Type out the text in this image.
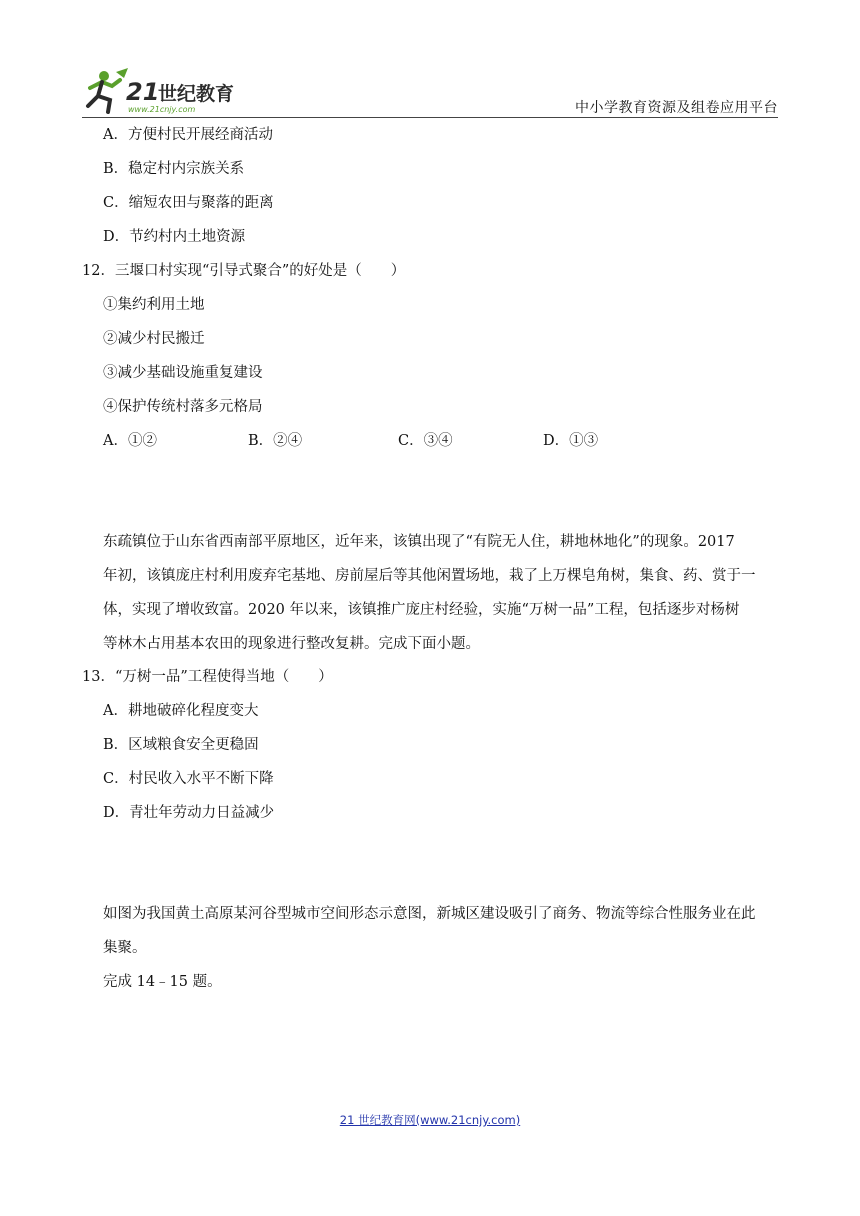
21
世纪教育
www.21cnjy.com	中小学教育资源及组卷应用平台
A．方便村民开展经商活动
B．稳定村内宗族关系
C．缩短农田与聚落的距离
D．节约村内土地资源
12．三堰口村实现“引导式聚合”的好处是（　　）
①集约利用土地
②减少村民搬迁
③减少基础设施重复建设
④保护传统村落多元格局
A．①②	B．②④	C．③④	D．①③
东疏镇位于山东省西南部平原地区，近年来，该镇出现了“有院无人住，耕地林地化”的现象。2017
年初，该镇庞庄村利用废弃宅基地、房前屋后等其他闲置场地，栽了上万棵皂角树，集食、药、赏于一
体，实现了增收致富。2020 年以来，该镇推广庞庄村经验，实施“万树一品”工程，包括逐步对杨树
等林木占用基本农田的现象进行整改复耕。完成下面小题。
13．“万树一品”工程使得当地（　　）
A．耕地破碎化程度变大
B．区域粮食安全更稳固
C．村民收入水平不断下降
D．青壮年劳动力日益减少
如图为我国黄土高原某河谷型城市空间形态示意图，新城区建设吸引了商务、物流等综合性服务业在此
集聚。
完成 14﹣15 题。
21 世纪教育网(www.21cnjy.com)
